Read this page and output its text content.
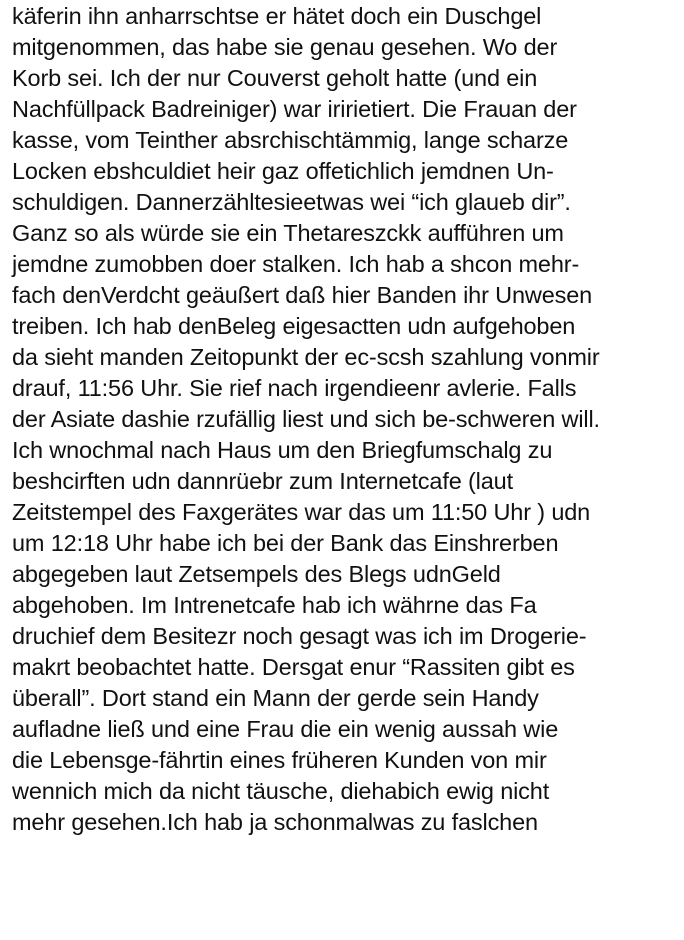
käferin ihn anharrschtse er hätet doch ein Duschgel
mitgenommen, das habe sie genau gesehen. Wo der
Korb sei. Ich der nur Couverst geholt hatte (und ein
Nachfüllpack Badreiniger) war iririetiert. Die Frauan der
kasse, vom Teinther absrchischtämmig, lange scharze
Locken ebshculdiet heir gaz offetichlich jemdnen Un-
schuldigen. Dannerzähltesieetwas wei “ich glaueb dir”.
Ganz so als würde sie ein Thetareszckk aufführen um
jemdne zumobben doer stalken. Ich hab a shcon mehr-
fach denVerdcht geäußert daß hier Banden ihr Unwesen
treiben. Ich hab denBeleg eigesactten udn aufgehoben
da sieht manden Zeitopunkt der ec-scsh szahlung vonmir
drauf, 11:56 Uhr. Sie rief nach irgendieenr avlerie. Falls
der Asiate dashie rzufällig liest und sich be-schweren will.
Ich wnochmal nach Haus um den Briegfumschalg zu
beshcirften udn dannrüebr zum Internetcafe (laut
Zeitstempel des Faxgerätes war das um 11:50 Uhr ) udn
um 12:18 Uhr habe ich bei der Bank das Einshrerben
abgegeben laut Zetsempels des Blegs udnGeld
abgehoben. Im Intrenetcafe hab ich währne das Fa
druchief dem Besitezr noch gesagt was ich im Drogerie-
makrt beobachtet hatte. Dersgat enur “Rassiten gibt es
überall”. Dort stand ein Mann der gerde sein Handy
aufladne ließ und eine Frau die ein wenig aussah wie
die Lebensge-fährtin eines früheren Kunden von mir
wennich mich da nicht täusche, diehabich ewig nicht
mehr gesehen.Ich hab ja schonmalwas zu faslchen
